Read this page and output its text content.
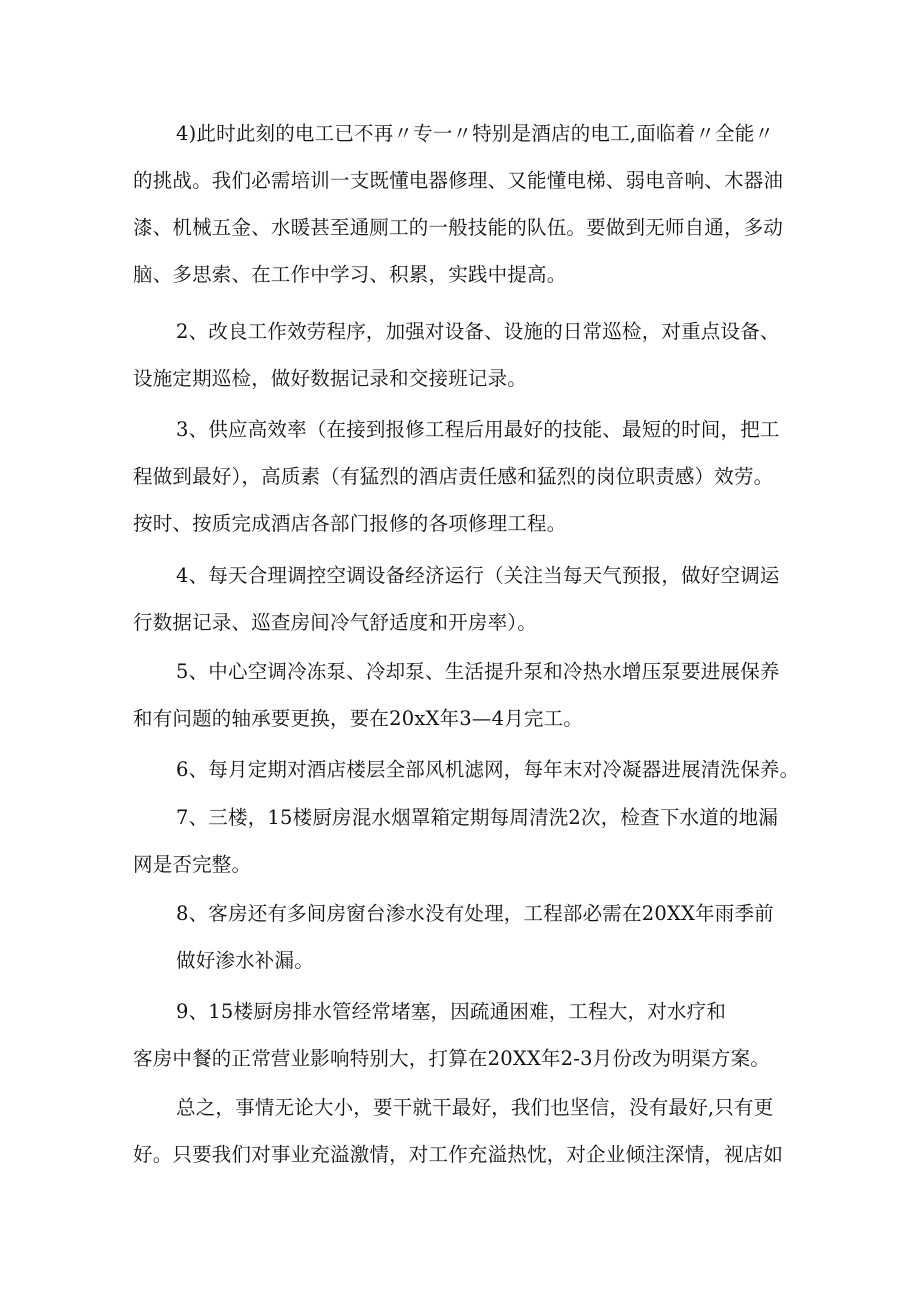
4)此时此刻的电工已不再〃专一〃特别是酒店的电工,面临着〃全能〃
的挑战。我们必需培训一支既懂电器修理、又能懂电梯、弱电音响、木器油
漆、机械五金、水暖甚至通厕工的一般技能的队伍。要做到无师自通，多动
脑、多思索、在工作中学习、积累，实践中提高。
2、改良工作效劳程序，加强对设备、设施的日常巡检，对重点设备、
设施定期巡检，做好数据记录和交接班记录。
3、供应高效率（在接到报修工程后用最好的技能、最短的时间，把工
程做到最好），高质素（有猛烈的酒店责任感和猛烈的岗位职责感）效劳。
按时、按质完成酒店各部门报修的各项修理工程。
4、每天合理调控空调设备经济运行（关注当每天气预报，做好空调运
行数据记录、巡查房间冷气舒适度和开房率）。
5、中心空调冷冻泵、冷却泵、生活提升泵和冷热水增压泵要进展保养
和有问题的轴承要更换，要在20xX年3—4月完工。
6、每月定期对酒店楼层全部风机滤网，每年末对冷凝器进展清洗保养。
7、三楼，15楼厨房混水烟罩箱定期每周清洗2次，检查下水道的地漏
网是否完整。
8、客房还有多间房窗台渗水没有处理，工程部必需在20XX年雨季前
做好渗水补漏。
9、15楼厨房排水管经常堵塞，因疏通困难，工程大，对水疗和
客房中餐的正常营业影响特别大，打算在20XX年2-3月份改为明渠方案。
总之，事情无论大小，要干就干最好，我们也坚信，没有最好,只有更
好。只要我们对事业充溢激情，对工作充溢热忱，对企业倾注深情，视店如
